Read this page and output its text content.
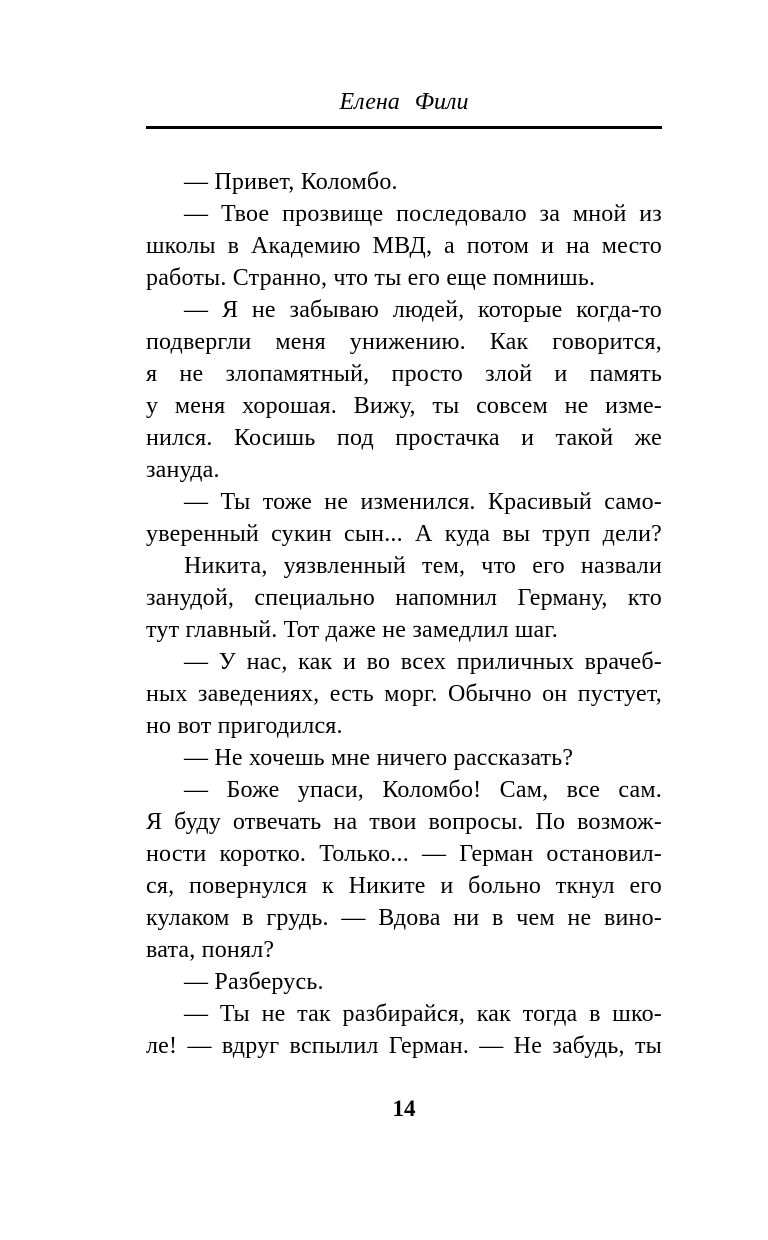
Елена Фили
— Привет, Коломбо.
— Твое прозвище последовало за мной из
школы в Академию МВД, а потом и на место
работы. Странно, что ты его еще помнишь.
— Я не забываю людей, которые когда-то
подвергли меня унижению. Как говорится,
я не злопамятный, просто злой и память
у меня хорошая. Вижу, ты совсем не изме-
нился. Косишь под простачка и такой же
зануда.
— Ты тоже не изменился. Красивый само-
уверенный сукин сын... А куда вы труп дели?
Никита, уязвленный тем, что его назвали
занудой, специально напомнил Герману, кто
тут главный. Тот даже не замедлил шаг.
— У нас, как и во всех приличных врачеб-
ных заведениях, есть морг. Обычно он пустует,
но вот пригодился.
— Не хочешь мне ничего рассказать?
— Боже упаси, Коломбо! Сам, все сам.
Я буду отвечать на твои вопросы. По возмож-
ности коротко. Только... — Герман остановил-
ся, повернулся к Никите и больно ткнул его
кулаком в грудь. — Вдова ни в чем не вино-
вата, понял?
— Разберусь.
— Ты не так разбирайся, как тогда в шко-
ле! — вдруг вспылил Герман. — Не забудь, ты
14
